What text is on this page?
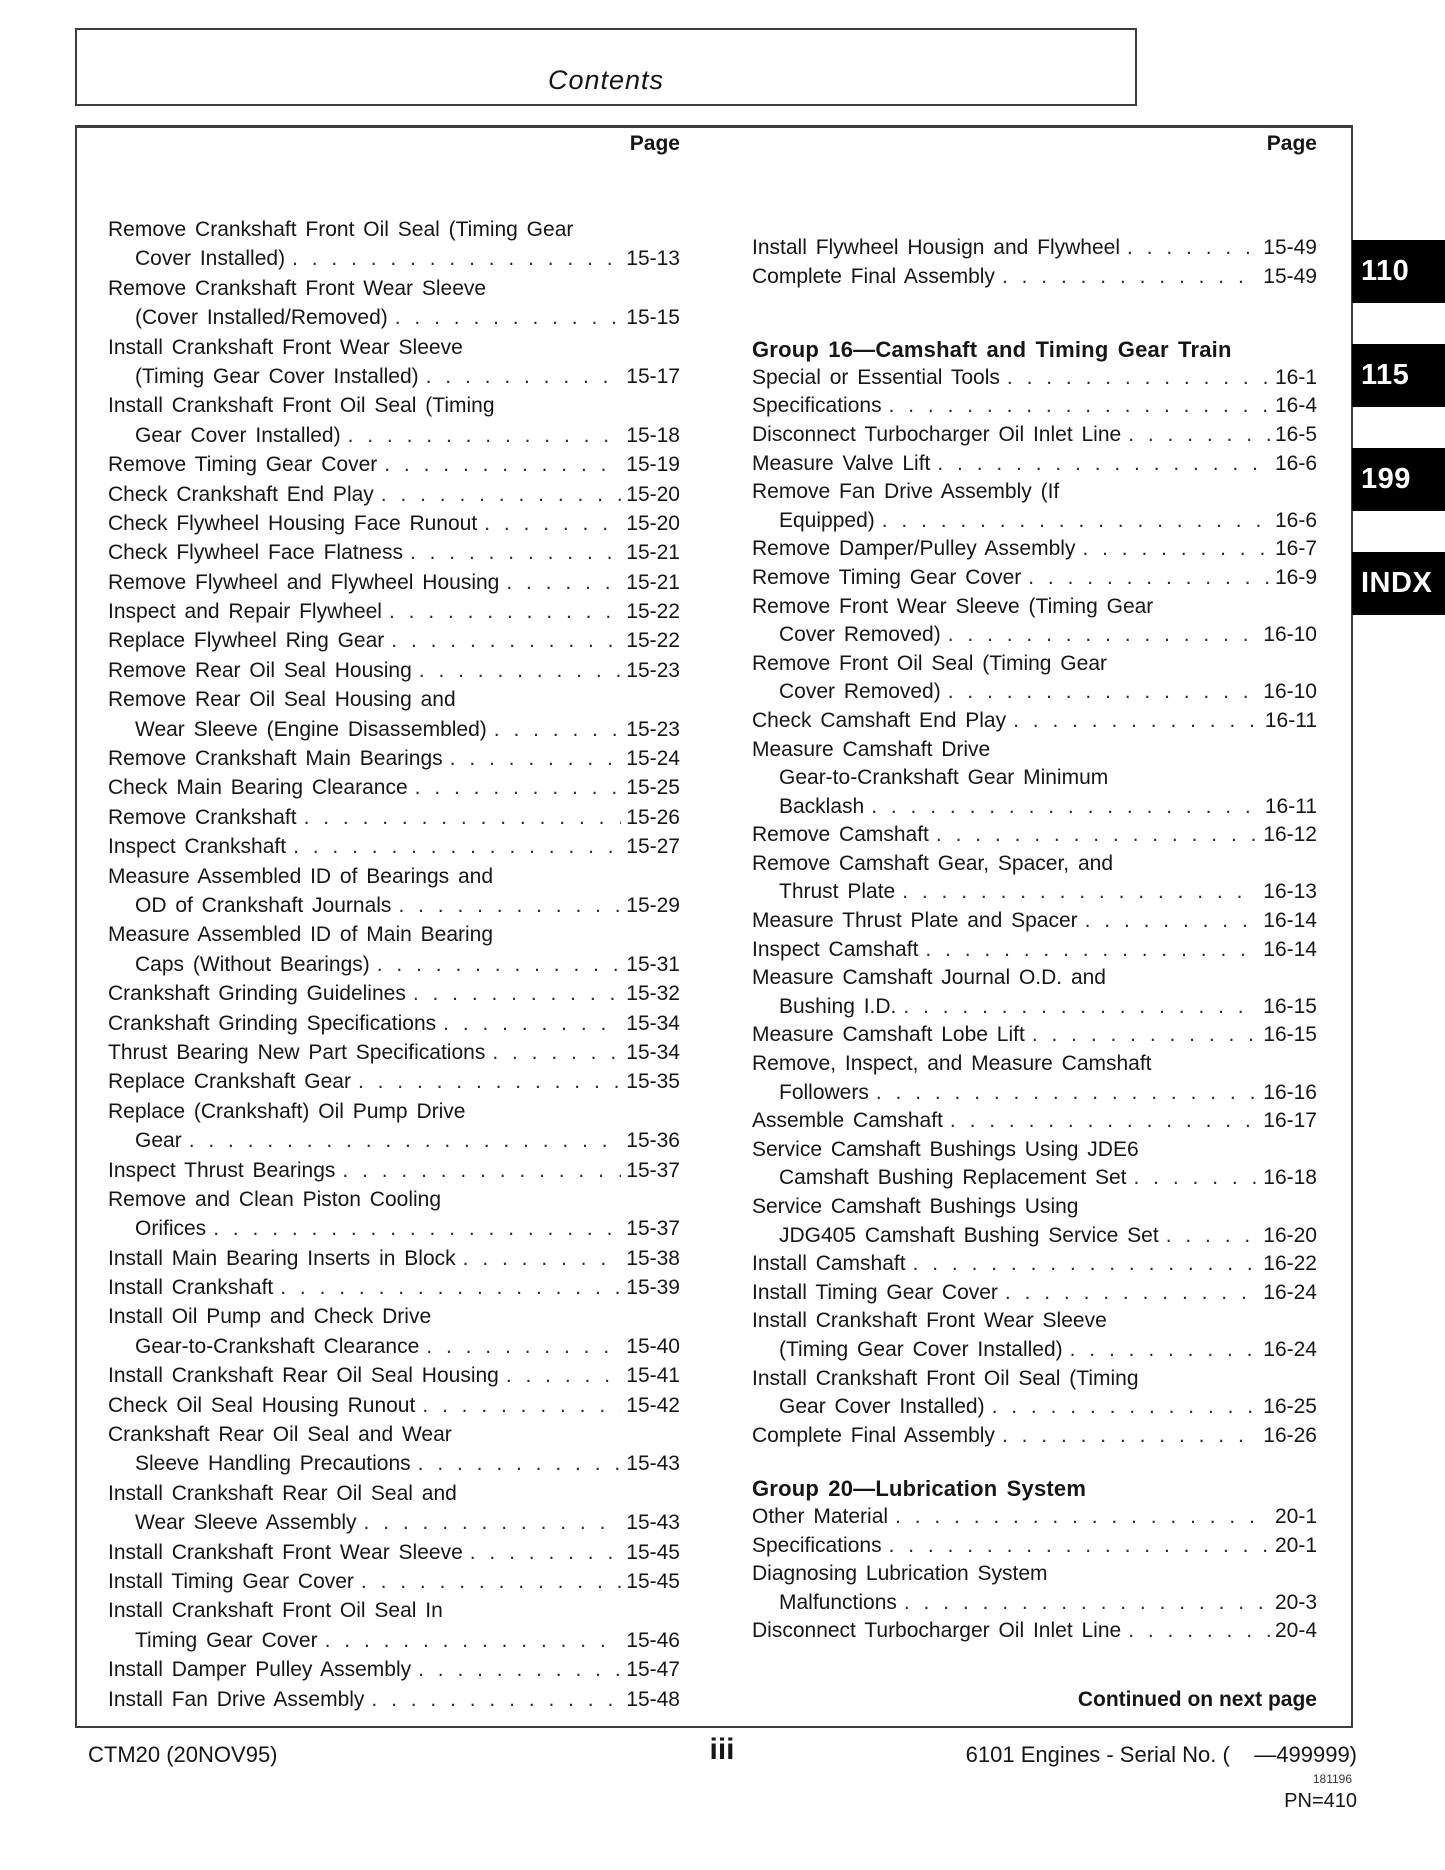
Contents
Page	Page
Remove Crankshaft Front Oil Seal (Timing Gear
Cover Installed) . . .	15-13
Remove Crankshaft Front Wear Sleeve
(Cover Installed/Removed) . . .	15-15
Install Crankshaft Front Wear Sleeve
(Timing Gear Cover Installed) . . .	15-17
Install Crankshaft Front Oil Seal (Timing
Gear Cover Installed) . . .	15-18
Remove Timing Gear Cover . . .	15-19
Check Crankshaft End Play . . .	15-20
Check Flywheel Housing Face Runout . . .	15-20
Check Flywheel Face Flatness . . .	15-21
Remove Flywheel and Flywheel Housing . . .	15-21
Inspect and Repair Flywheel . . .	15-22
Replace Flywheel Ring Gear . . .	15-22
Remove Rear Oil Seal Housing . . .	15-23
Remove Rear Oil Seal Housing and
Wear Sleeve (Engine Disassembled) . . .	15-23
Remove Crankshaft Main Bearings . . .	15-24
Check Main Bearing Clearance . . .	15-25
Remove Crankshaft . . .	15-26
Inspect Crankshaft . . .	15-27
Measure Assembled ID of Bearings and
OD of Crankshaft Journals . . .	15-29
Measure Assembled ID of Main Bearing
Caps (Without Bearings) . . .	15-31
Crankshaft Grinding Guidelines . . .	15-32
Crankshaft Grinding Specifications . . .	15-34
Thrust Bearing New Part Specifications . . .	15-34
Replace Crankshaft Gear . . .	15-35
Replace (Crankshaft) Oil Pump Drive
Gear . . .	15-36
Inspect Thrust Bearings . . .	15-37
Remove and Clean Piston Cooling
Orifices . . .	15-37
Install Main Bearing Inserts in Block . . .	15-38
Install Crankshaft . . .	15-39
Install Oil Pump and Check Drive
Gear-to-Crankshaft Clearance . . .	15-40
Install Crankshaft Rear Oil Seal Housing . . .	15-41
Check Oil Seal Housing Runout . . .	15-42
Crankshaft Rear Oil Seal and Wear
Sleeve Handling Precautions . . .	15-43
Install Crankshaft Rear Oil Seal and
Wear Sleeve Assembly . . .	15-43
Install Crankshaft Front Wear Sleeve . . .	15-45
Install Timing Gear Cover . . .	15-45
Install Crankshaft Front Oil Seal In
Timing Gear Cover . . .	15-46
Install Damper Pulley Assembly . . .	15-47
Install Fan Drive Assembly . . .	15-48
Install Flywheel Housign and Flywheel . . .	15-49
Complete Final Assembly . . .	15-49
Group 16—Camshaft and Timing Gear Train
Special or Essential Tools . . .	16-1
Specifications . . .	16-4
Disconnect Turbocharger Oil Inlet Line . . .	16-5
Measure Valve Lift . . .	16-6
Remove Fan Drive Assembly (If
Equipped) . . .	16-6
Remove Damper/Pulley Assembly . . .	16-7
Remove Timing Gear Cover . . .	16-9
Remove Front Wear Sleeve (Timing Gear
Cover Removed) . . .	16-10
Remove Front Oil Seal (Timing Gear
Cover Removed) . . .	16-10
Check Camshaft End Play . . .	16-11
Measure Camshaft Drive
Gear-to-Crankshaft Gear Minimum
Backlash . . .	16-11
Remove Camshaft . . .	16-12
Remove Camshaft Gear, Spacer, and
Thrust Plate . . .	16-13
Measure Thrust Plate and Spacer . . .	16-14
Inspect Camshaft . . .	16-14
Measure Camshaft Journal O.D. and
Bushing I.D. . . .	16-15
Measure Camshaft Lobe Lift . . .	16-15
Remove, Inspect, and Measure Camshaft
Followers . . .	16-16
Assemble Camshaft . . .	16-17
Service Camshaft Bushings Using JDE6
Camshaft Bushing Replacement Set . . .	16-18
Service Camshaft Bushings Using
JDG405 Camshaft Bushing Service Set . . .	16-20
Install Camshaft . . .	16-22
Install Timing Gear Cover . . .	16-24
Install Crankshaft Front Wear Sleeve
(Timing Gear Cover Installed) . . .	16-24
Install Crankshaft Front Oil Seal (Timing
Gear Cover Installed) . . .	16-25
Complete Final Assembly . . .	16-26
Group 20—Lubrication System
Other Material . . .	20-1
Specifications . . .	20-1
Diagnosing Lubrication System
Malfunctions . . .	20-3
Disconnect Turbocharger Oil Inlet Line . . .	20-4
Continued on next page
110
115
199
INDX
CTM20 (20NOV95)	iii	6101 Engines - Serial No. (    —499999)
181196
PN=410
